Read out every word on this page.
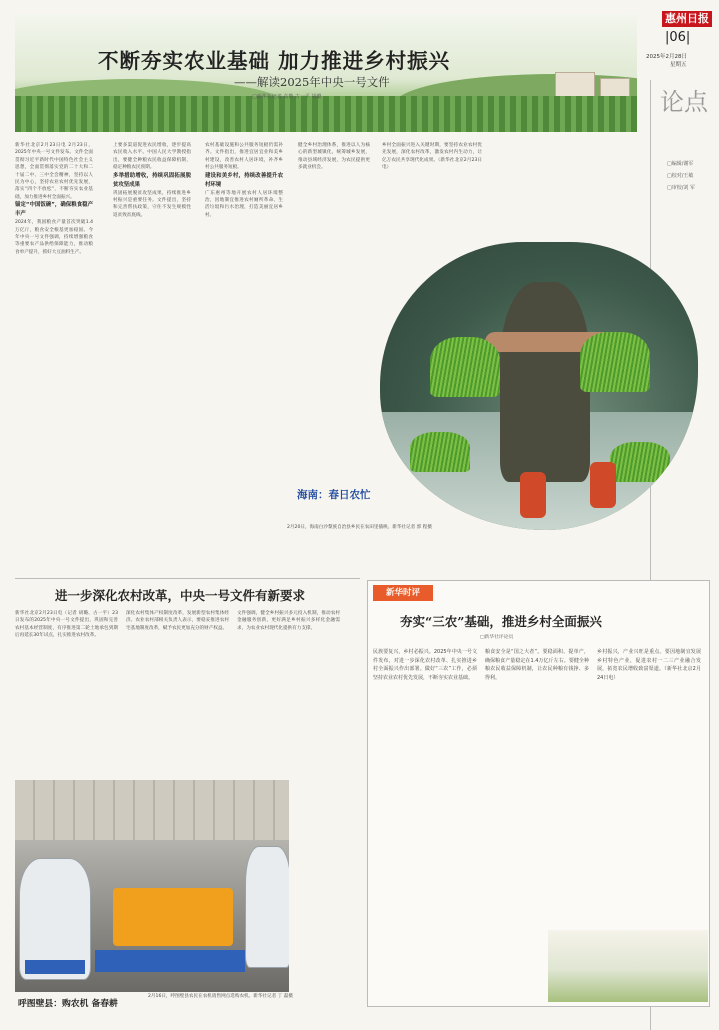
惠州日报
|06|
2025年2月28日
星期五
不断夯实农业基础 加力推进乡村振兴
——解读2025年中央一号文件
□新华社记者 高敬 古一平 胡璐	论点
□编辑/谢军
□校对/王敏
□审校/刘 军
新华社北京2月23日电 2月23日，2025年中央一号文件发布。文件全面贯彻习近平新时代中国特色社会主义思想，全面贯彻落实党的二十大和二十届二中、三中全会精神，坚持以人民为中心，坚持农业农村优先发展，落实“四个不放松”，不断夯实农业基础，加力推进乡村全面振兴。
锚定“中国饭碗”，确保粮食稳产丰产
2024年，我国粮食产量首次突破1.4万亿斤，粮食安全根基更加稳固。今年中央一号文件强调，持续增强粮食等重要农产品供给保障能力，推动粮食单产提升，抓好大豆油料生产。
上要多渠道促进农民增收，逐步提高农民收入水平。中国人民大学教授指出，要健全种粮农民收益保障机制，稳定种粮农民预期。
多举措助增收，持续巩固拓展脱贫攻坚成果
巩固拓展脱贫攻坚成果，持续推进乡村振兴是重要任务。文件提出，坚持和完善帮扶政策，守住不发生规模性返贫致贫底线。
农村基础设施和公共服务短板仍需补齐。文件指出，推进宜居宜业和美乡村建设，改善农村人居环境，补齐乡村公共服务短板。
建设和美乡村，持续改善提升农村环境
广东惠州等地开展农村人居环境整治，因地制宜推进农村厕所革命、生活垃圾和污水治理，打造美丽宜居乡村。
健全乡村治理体系，推进以人为核心的新型城镇化，统筹城乡发展，推动县域经济发展，为农民提供更多就业机会。
乡村全面振兴进入关键时期，要坚持农业农村优先发展，深化农村改革，激发农村内生动力，让亿万农民共享现代化成果。（新华社北京2月23日电）
海南：春日农忙
2月20日，海南白沙黎族自治县乡民在农田里插秧。新华社记者 郭 程摄
进一步深化农村改革，中央一号文件有新要求
新华社北京2月23日电（记者 胡璐、古一平）23日发布的2025年中央一号文件提出，巩固和完善农村基本经营制度，有序推进第二轮土地承包到期后再延长30年试点，扎实推进农村改革。
深化农村集体产权制度改革，发展新型农村集体经济。农业农村部相关负责人表示，要稳妥推进农村宅基地制度改革，赋予农民更加充分的财产权益。
文件强调，健全乡村振兴多元投入机制，推动农村金融服务创新，更好满足乡村振兴多样化金融需求，为农业农村现代化提供有力支撑。
呼图壁县：购农机 备春耕
2月16日，呼图壁县农民在农机销售网点选购农机。新华社记者 丁 磊摄
新华时评
夯实“三农”基础，推进乡村全面振兴
□新华社评论员
民族要复兴，乡村必振兴。2025年中央一号文件发布，对进一步深化农村改革、扎实推进乡村全面振兴作出部署。做好“三农”工作，必须坚持农业农村优先发展，不断夯实农业基础。
粮食安全是“国之大者”。要稳面积、提单产，确保粮食产量稳定在1.4万亿斤左右。要健全种粮农民收益保障机制，让农民种粮有钱挣、多得利。
乡村振兴，产业兴旺是重点。要因地制宜发展乡村特色产业，促进农村一二三产业融合发展，拓宽农民增收致富渠道。（新华社北京2月24日电）
